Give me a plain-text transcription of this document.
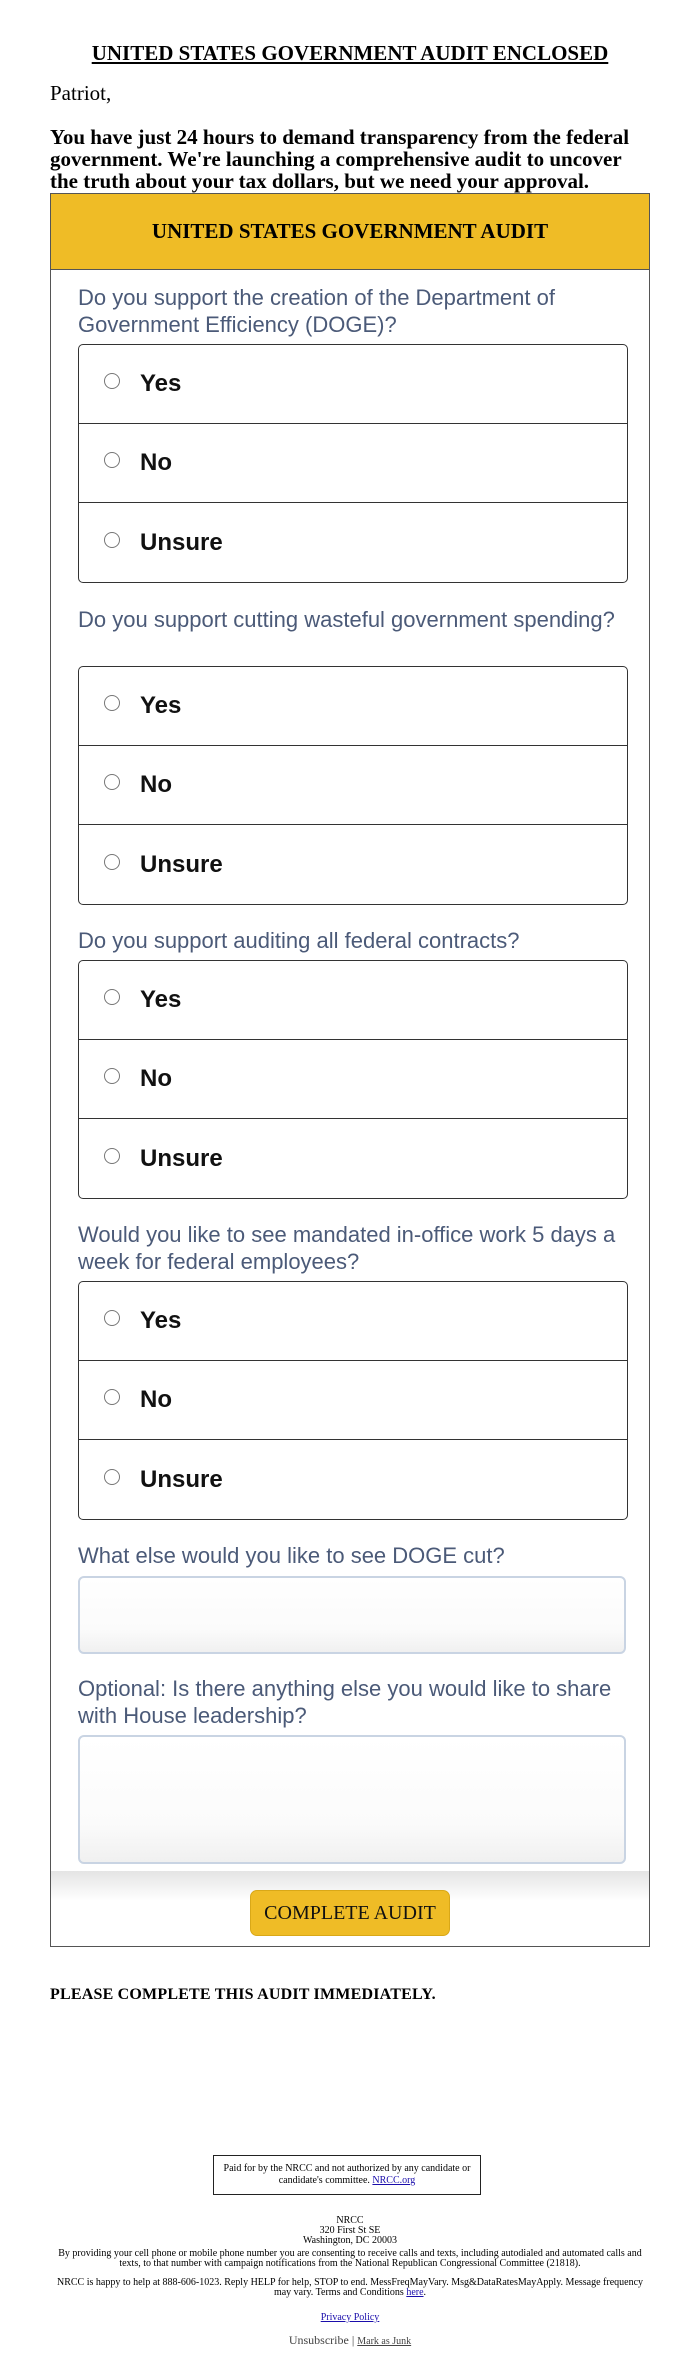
UNITED STATES GOVERNMENT AUDIT ENCLOSED

Patriot,

You have just 24 hours to demand transparency from the federal government. We're launching a comprehensive audit to uncover the truth about your tax dollars, but we need your approval.

UNITED STATES GOVERNMENT AUDIT
Do you support the creation of the Department of Government Efficiency (DOGE)?
Yes
No
Unsure
Do you support cutting wasteful government spending?
Yes
No
Unsure
Do you support auditing all federal contracts?
Yes
No
Unsure
Would you like to see mandated in-office work 5 days a week for federal employees?
Yes
No
Unsure
What else would you like to see DOGE cut?
Optional: Is there anything else you would like to share with House leadership?
COMPLETE AUDIT

PLEASE COMPLETE THIS AUDIT IMMEDIATELY.

Paid for by the NRCC and not authorized by any candidate or candidate's committee. NRCC.org
NRCC
320 First St SE
Washington, DC 20003
By providing your cell phone or mobile phone number you are consenting to receive calls and texts, including autodialed and automated calls and texts, to that number with campaign notifications from the National Republican Congressional Committee (21818).
NRCC is happy to help at 888-606-1023. Reply HELP for help, STOP to end. MessFreqMayVary. Msg&DataRatesMayApply. Message frequency may vary. Terms and Conditions here.
Privacy Policy
Unsubscribe | Mark as Junk
